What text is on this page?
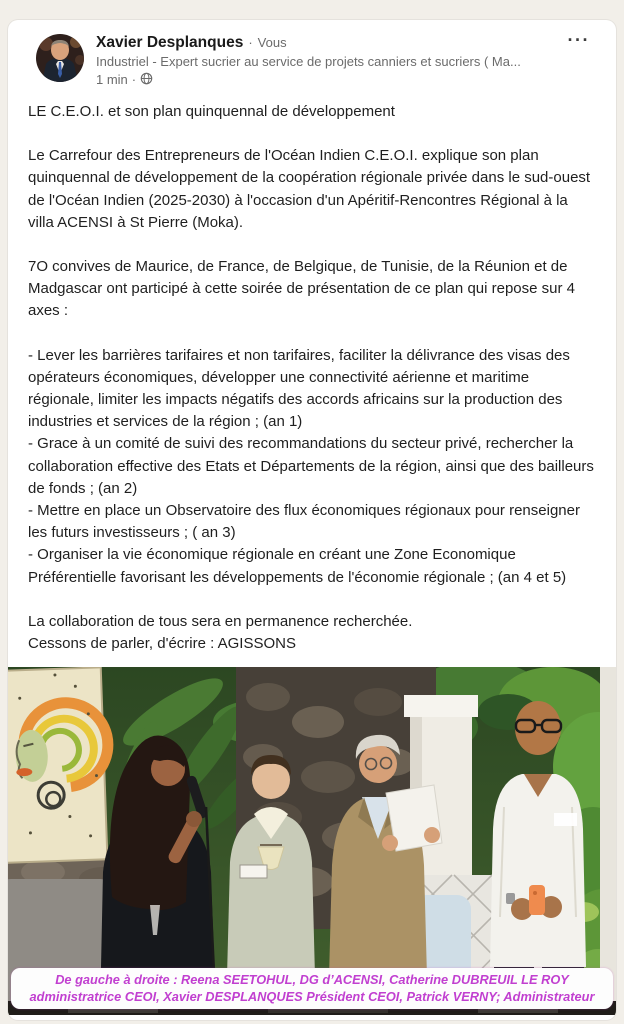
Xavier Desplanques · Vous
Industriel - Expert sucrier au service de projets canniers et sucriers ( Ma...
1 min ·
···

LE C.E.O.I. et son plan quinquennal de développement

Le Carrefour des Entrepreneurs de l'Océan Indien C.E.O.I. explique son plan quinquennal de développement de la coopération régionale privée dans le sud-ouest de l'Océan Indien (2025-2030) à l'occasion d'un Apéritif-Rencontres Régional à la villa ACENSI à St Pierre (Moka).

7O convives de Maurice, de France, de Belgique, de Tunisie, de la Réunion et de Madgascar ont participé à cette soirée de présentation de ce plan qui repose sur 4 axes :

- Lever les barrières tarifaires et non tarifaires, faciliter la délivrance des visas des opérateurs économiques, développer une connectivité aérienne et maritime régionale, limiter les impacts négatifs des accords africains sur la production des industries et services de la région ; (an 1)

- Grace à un comité de suivi des recommandations du secteur privé, rechercher la collaboration effective des Etats et Départements de la région, ainsi que des bailleurs de fonds ; (an 2)

- Mettre en place un Observatoire des flux économiques régionaux pour renseigner les futurs investisseurs ; ( an 3)

- Organiser la vie économique régionale en créant une Zone Economique Préférentielle favorisant les développements de l'économie régionale ; (an 4 et 5)

La collaboration de tous sera en permanence recherchée.
Cessons de parler, d'écrire : AGISSONS

De gauche à droite : Reena SEETOHUL, DG d’ACENSI, Catherine DUBREUIL LE ROY
administratrice CEOI, Xavier DESPLANQUES Président CEOI, Patrick VERNY; Administrateur
